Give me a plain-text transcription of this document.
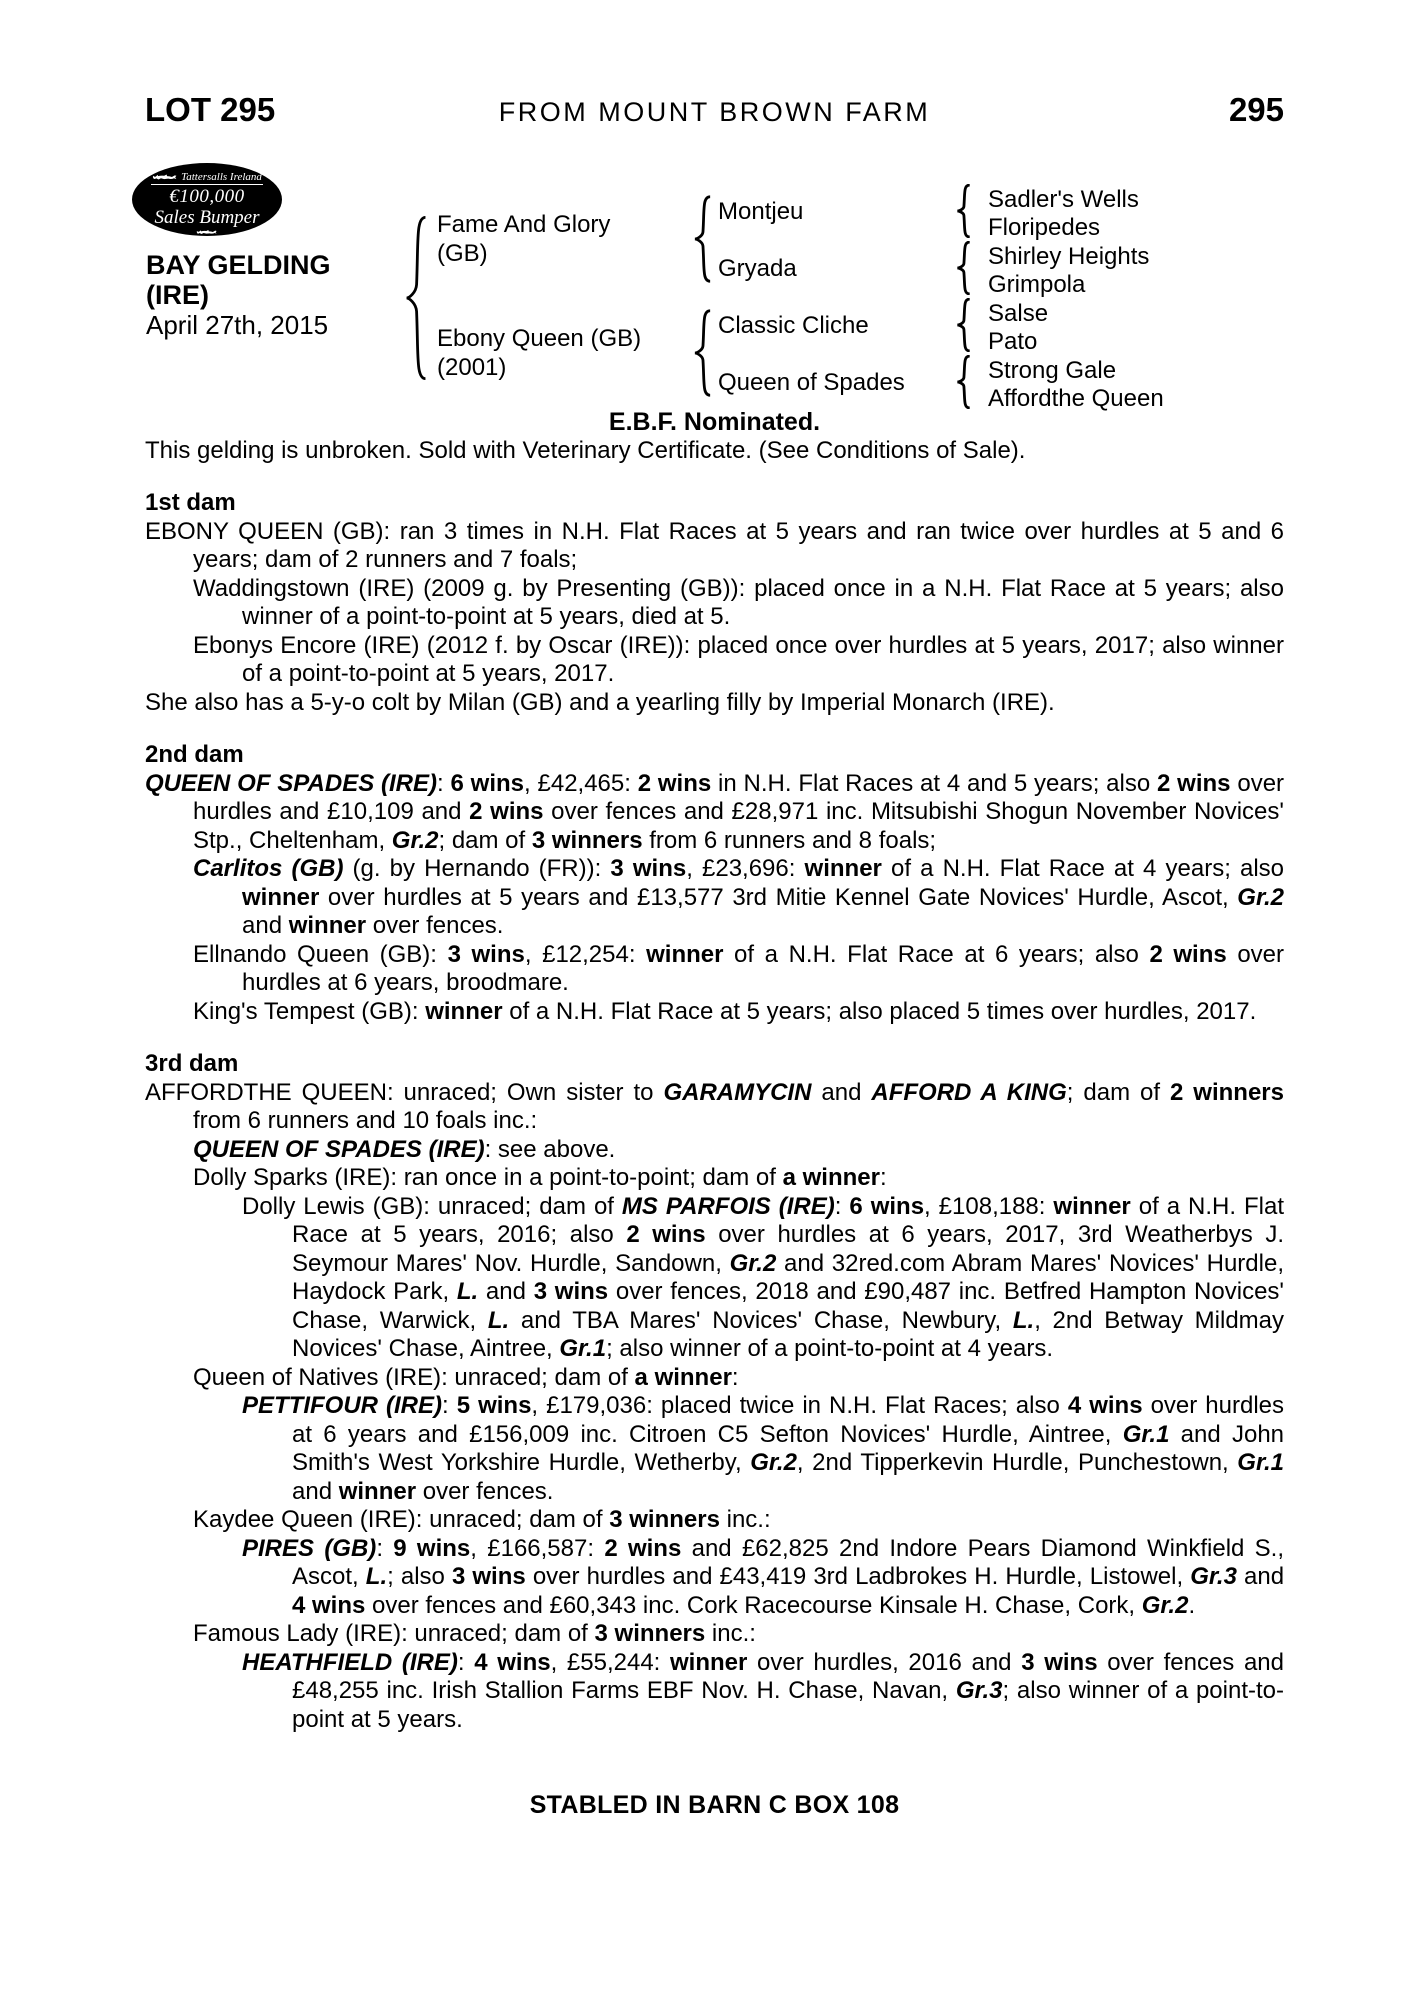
LOT 295	FROM MOUNT BROWN FARM	295
Tattersalls Ireland
€100,000
Sales Bumper
BAY GELDING
(IRE)
April 27th, 2015
Fame And Glory
(GB)
Ebony Queen (GB)
(2001)
Montjeu
Gryada
Classic Cliche
Queen of Spades
Sadler's Wells
Floripedes
Shirley Heights
Grimpola
Salse
Pato
Strong Gale
Affordthe Queen
E.B.F. Nominated.
This gelding is unbroken. Sold with Veterinary Certificate. (See Conditions of Sale).
1st dam

EBONY QUEEN (GB): ran 3 times in N.H. Flat Races at 5 years and ran twice over hurdles at 5 and 6 years; dam of 2 runners and 7 foals;

Waddingstown (IRE) (2009 g. by Presenting (GB)): placed once in a N.H. Flat Race at 5 years; also winner of a point-to-point at 5 years, died at 5.

Ebonys Encore (IRE) (2012 f. by Oscar (IRE)): placed once over hurdles at 5 years, 2017; also winner of a point-to-point at 5 years, 2017.

She also has a 5-y-o colt by Milan (GB) and a yearling filly by Imperial Monarch (IRE).

2nd dam

QUEEN OF SPADES (IRE): 6 wins, £42,465: 2 wins in N.H. Flat Races at 4 and 5 years; also 2 wins over hurdles and £10,109 and 2 wins over fences and £28,971 inc. Mitsubishi Shogun November Novices' Stp., Cheltenham, Gr.2; dam of 3 winners from 6 runners and 8 foals;

Carlitos (GB) (g. by Hernando (FR)): 3 wins, £23,696: winner of a N.H. Flat Race at 4 years; also winner over hurdles at 5 years and £13,577 3rd Mitie Kennel Gate Novices' Hurdle, Ascot, Gr.2 and winner over fences.

Ellnando Queen (GB): 3 wins, £12,254: winner of a N.H. Flat Race at 6 years; also 2 wins over hurdles at 6 years, broodmare.

King's Tempest (GB): winner of a N.H. Flat Race at 5 years; also placed 5 times over hurdles, 2017.

3rd dam

AFFORDTHE QUEEN: unraced; Own sister to GARAMYCIN and AFFORD A KING; dam of 2 winners from 6 runners and 10 foals inc.:

QUEEN OF SPADES (IRE): see above.

Dolly Sparks (IRE): ran once in a point-to-point; dam of a winner:

Dolly Lewis (GB): unraced; dam of MS PARFOIS (IRE): 6 wins, £108,188: winner of a N.H. Flat Race at 5 years, 2016; also 2 wins over hurdles at 6 years, 2017, 3rd Weatherbys J. Seymour Mares' Nov. Hurdle, Sandown, Gr.2 and 32red.com Abram Mares' Novices' Hurdle, Haydock Park, L. and 3 wins over fences, 2018 and £90,487 inc. Betfred Hampton Novices' Chase, Warwick, L. and TBA Mares' Novices' Chase, Newbury, L., 2nd Betway Mildmay Novices' Chase, Aintree, Gr.1; also winner of a point-to-point at 4 years.

Queen of Natives (IRE): unraced; dam of a winner:

PETTIFOUR (IRE): 5 wins, £179,036: placed twice in N.H. Flat Races; also 4 wins over hurdles at 6 years and £156,009 inc. Citroen C5 Sefton Novices' Hurdle, Aintree, Gr.1 and John Smith's West Yorkshire Hurdle, Wetherby, Gr.2, 2nd Tipperkevin Hurdle, Punchestown, Gr.1 and winner over fences.

Kaydee Queen (IRE): unraced; dam of 3 winners inc.:

PIRES (GB): 9 wins, £166,587: 2 wins and £62,825 2nd Indore Pears Diamond Winkfield S., Ascot, L.; also 3 wins over hurdles and £43,419 3rd Ladbrokes H. Hurdle, Listowel, Gr.3 and 4 wins over fences and £60,343 inc. Cork Racecourse Kinsale H. Chase, Cork, Gr.2.

Famous Lady (IRE): unraced; dam of 3 winners inc.:

HEATHFIELD (IRE): 4 wins, £55,244: winner over hurdles, 2016 and 3 wins over fences and £48,255 inc. Irish Stallion Farms EBF Nov. H. Chase, Navan, Gr.3; also winner of a point-to-point at 5 years.

STABLED IN BARN C BOX 108
